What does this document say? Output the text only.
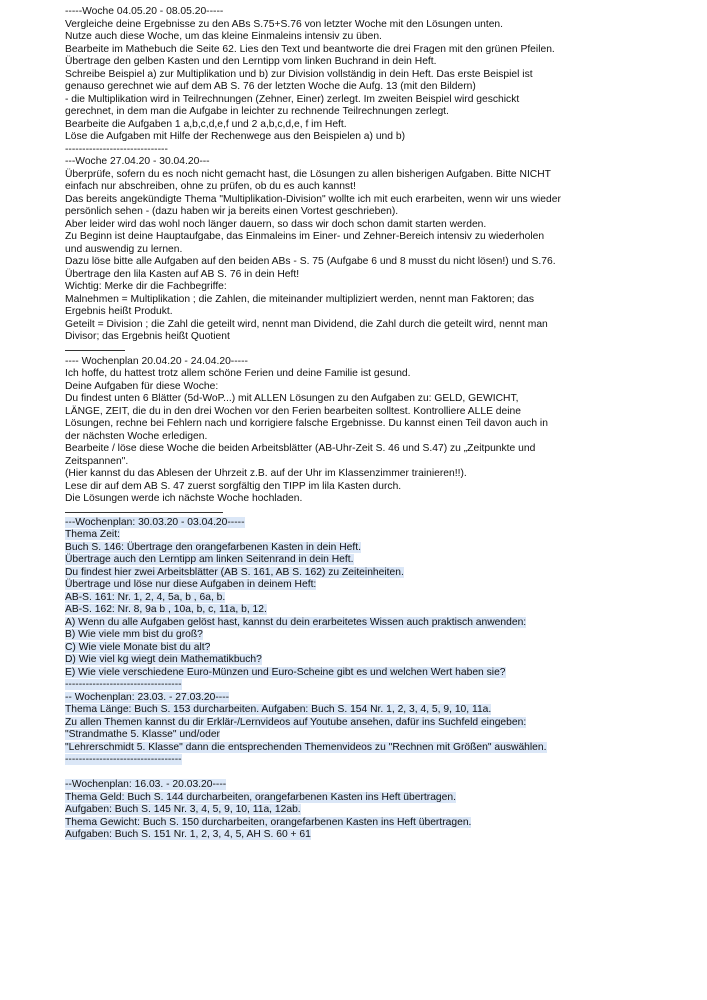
-----Woche 04.05.20 - 08.05.20-----
Vergleiche deine Ergebnisse zu den ABs S.75+S.76 von letzter Woche mit den Lösungen unten.
Nutze auch diese Woche, um das kleine Einmaleins intensiv zu üben.
Bearbeite im Mathebuch die Seite 62. Lies den Text und beantworte die drei Fragen mit den grünen Pfeilen.
Übertrage den gelben Kasten und den Lerntipp vom linken Buchrand in dein Heft.
Schreibe Beispiel a) zur Multiplikation und b) zur Division vollständig in dein Heft. Das erste Beispiel ist
genauso gerechnet wie auf dem AB S. 76 der letzten Woche die Aufg. 13 (mit den Bildern)
- die Multiplikation wird in Teilrechnungen (Zehner, Einer) zerlegt. Im zweiten Beispiel wird geschickt
gerechnet, in dem man die Aufgabe in leichter zu rechnende Teilrechnungen zerlegt.
Bearbeite die Aufgaben 1 a,b,c,d,e,f und 2 a,b,c,d,e, f im Heft.
Löse die Aufgaben mit Hilfe der Rechenwege aus den Beispielen a) und b)
------------------------------
---Woche 27.04.20 - 30.04.20---
Überprüfe, sofern du es noch nicht gemacht hast, die Lösungen zu allen bisherigen Aufgaben. Bitte NICHT
einfach nur abschreiben, ohne zu prüfen, ob du es auch kannst!
Das bereits angekündigte Thema "Multiplikation-Division" wollte ich mit euch erarbeiten, wenn wir uns wieder
persönlich sehen - (dazu haben wir ja bereits einen Vortest geschrieben).
Aber leider wird das wohl noch länger dauern, so dass wir doch schon damit starten werden.
Zu Beginn ist deine Hauptaufgabe, das Einmaleins im Einer- und Zehner-Bereich intensiv zu wiederholen
und auswendig zu lernen.
Dazu löse bitte alle Aufgaben auf den beiden ABs - S. 75 (Aufgabe 6 und 8 musst du nicht lösen!) und S.76.
Übertrage den lila Kasten auf AB S. 76 in dein Heft!
Wichtig: Merke dir die Fachbegriffe:
Malnehmen = Multiplikation ; die Zahlen, die miteinander multipliziert werden, nennt man Faktoren; das
Ergebnis heißt Produkt.
Geteilt = Division ; die Zahl die geteilt wird, nennt man Dividend, die Zahl durch die geteilt wird, nennt man
Divisor; das Ergebnis heißt Quotient
---- Wochenplan 20.04.20 - 24.04.20-----
Ich hoffe, du hattest trotz allem schöne Ferien und deine Familie ist gesund.
Deine Aufgaben für diese Woche:
Du findest unten 6 Blätter (5d-WoP...) mit ALLEN Lösungen zu den Aufgaben zu: GELD, GEWICHT,
LÄNGE, ZEIT, die du in den drei Wochen vor den Ferien bearbeiten solltest. Kontrolliere ALLE deine
Lösungen, rechne bei Fehlern nach und korrigiere falsche Ergebnisse. Du kannst einen Teil davon auch in
der nächsten Woche erledigen.
Bearbeite / löse diese Woche die beiden Arbeitsblätter (AB-Uhr-Zeit S. 46 und S.47) zu „Zeitpunkte und
Zeitspannen".
(Hier kannst du das Ablesen der Uhrzeit z.B. auf der Uhr im Klassenzimmer trainieren!!).
Lese dir auf dem AB S. 47 zuerst sorgfältig den TIPP im lila Kasten durch.
Die Lösungen werde ich nächste Woche hochladen.
---Wochenplan: 30.03.20 - 03.04.20-----
Thema Zeit:
Buch S. 146: Übertrage den orangefarbenen Kasten in dein Heft.
Übertrage auch den Lerntipp am linken Seitenrand in dein Heft.
Du findest hier zwei Arbeitsblätter (AB S. 161, AB S. 162) zu Zeiteinheiten.
Übertrage und löse nur diese Aufgaben in deinem Heft:
AB-S. 161: Nr. 1, 2, 4, 5a, b , 6a, b.
AB-S. 162: Nr. 8, 9a b , 10a, b, c, 11a, b, 12.
A) Wenn du alle Aufgaben gelöst hast, kannst du dein erarbeitetes Wissen auch praktisch anwenden:
B) Wie viele mm bist du groß?
C) Wie viele Monate bist du alt?
D) Wie viel kg wiegt dein Mathematikbuch?
E) Wie viele verschiedene Euro-Münzen und Euro-Scheine gibt es und welchen Wert haben sie?
----------------------------------
-- Wochenplan: 23.03. - 27.03.20----
Thema Länge: Buch S. 153 durcharbeiten. Aufgaben: Buch S. 154 Nr. 1, 2, 3, 4, 5, 9, 10, 11a.
Zu allen Themen kannst du dir Erklär-/Lernvideos auf Youtube ansehen, dafür ins Suchfeld eingeben:
"Strandmathe 5. Klasse" und/oder
"Lehrerschmidt 5. Klasse" dann die entsprechenden Themenvideos zu "Rechnen mit Größen" auswählen.
----------------------------------
--Wochenplan: 16.03. - 20.03.20----
Thema Geld: Buch S. 144 durcharbeiten, orangefarbenen Kasten ins Heft übertragen.
Aufgaben: Buch S. 145 Nr. 3, 4, 5, 9, 10, 11a, 12ab.
Thema Gewicht: Buch S. 150 durcharbeiten, orangefarbenen Kasten ins Heft übertragen.
Aufgaben: Buch S. 151 Nr. 1, 2, 3, 4, 5, AH S. 60 + 61
